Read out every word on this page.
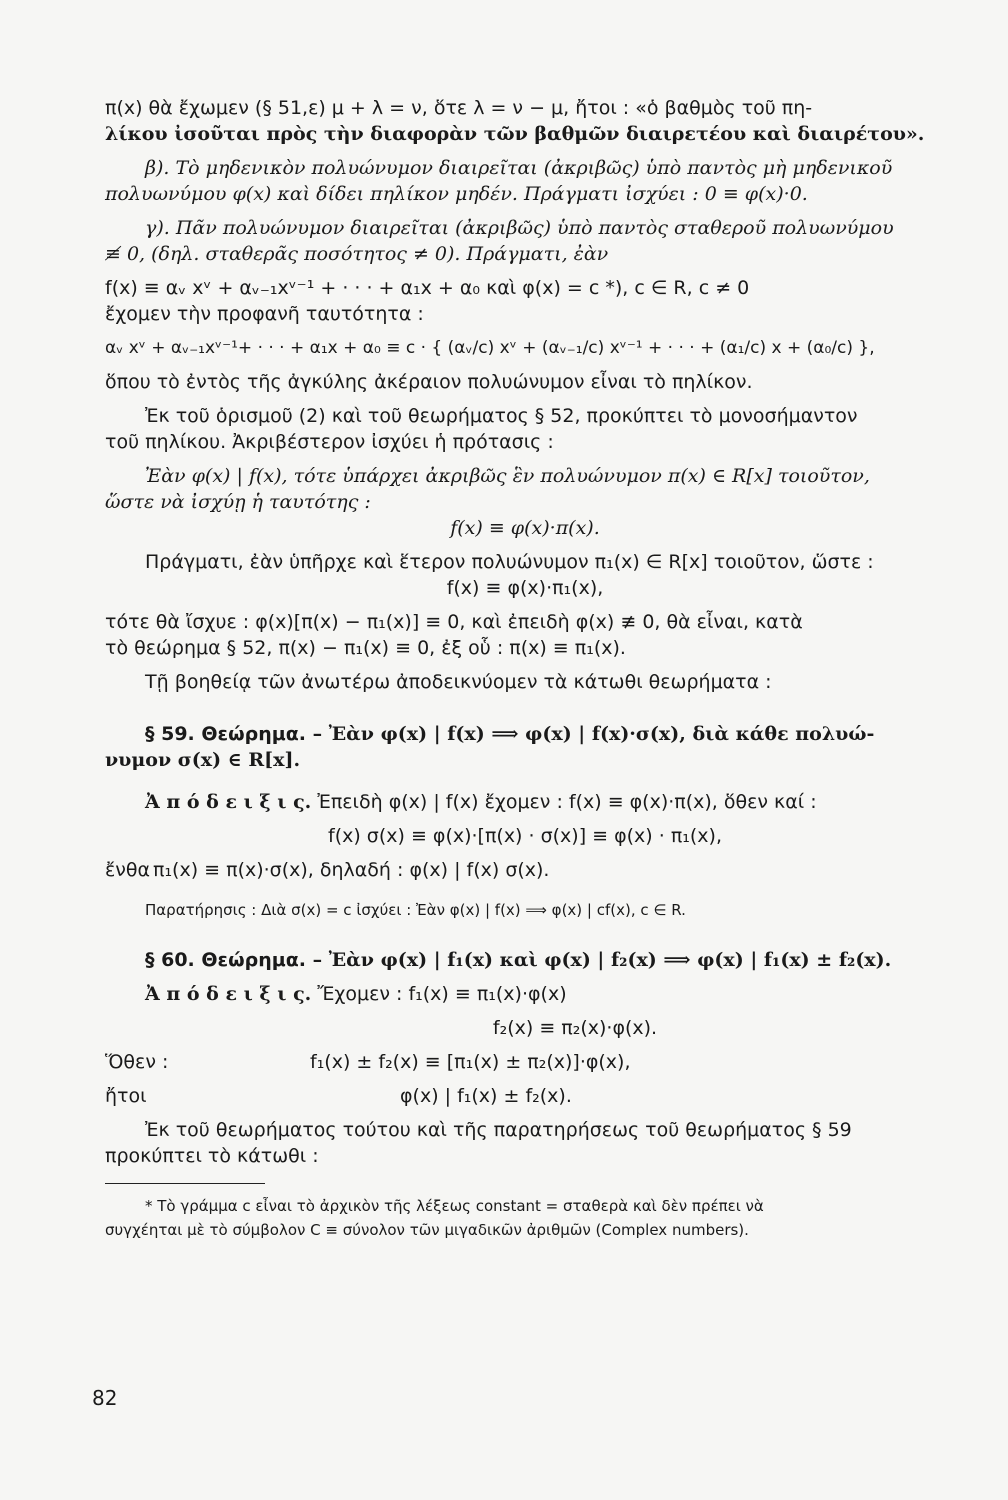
π(x) θὰ ἔχωμεν (§ 51,ε) μ + λ = ν, ὅτε λ = ν − μ, ἤτοι : «ὁ βαθμὸς τοῦ πη-

λίκου ἰσοῦται πρὸς τὴν διαφορὰν τῶν βαθμῶν διαιρετέου καὶ διαιρέτου».

β). Τὸ μηδενικὸν πολυώνυμον διαιρεῖται (ἀκριβῶς) ὑπὸ παντὸς μὴ μηδενικοῦ

πολυωνύμου φ(x) καὶ δίδει πηλίκον μηδέν. Πράγματι ἰσχύει : 0 ≡ φ(x)·0.

γ). Πᾶν πολυώνυμον διαιρεῖται (ἀκριβῶς) ὑπὸ παντὸς σταθεροῦ πολυωνύμου

≢ 0, (δηλ. σταθερᾶς ποσότητος ≠ 0). Πράγματι, ἐὰν

f(x) ≡ αᵥ xᵛ + αᵥ₋₁xᵛ⁻¹ + · · · + α₁x + α₀ καὶ φ(x) = c *), c ∈ R, c ≠ 0

ἔχομεν τὴν προφανῆ ταυτότητα :

αᵥ xᵛ + αᵥ₋₁xᵛ⁻¹+ · · · + α₁x + α₀ ≡ c · { (αᵥ/c) xᵛ + (αᵥ₋₁/c) xᵛ⁻¹ + · · · + (α₁/c) x + (α₀/c) },

ὅπου τὸ ἐντὸς τῆς ἀγκύλης ἀκέραιον πολυώνυμον εἶναι τὸ πηλίκον.

Ἐκ τοῦ ὁρισμοῦ (2) καὶ τοῦ θεωρήματος § 52, προκύπτει τὸ μονοσήμαντον

τοῦ πηλίκου. Ἀκριβέστερον ἰσχύει ἡ πρότασις :

Ἐὰν φ(x) | f(x), τότε ὑπάρχει ἀκριβῶς ἓν πολυώνυμον π(x) ∈ R[x] τοιοῦτον,

ὥστε νὰ ἰσχύῃ ἡ ταυτότης :

f(x) ≡ φ(x)·π(x).

Πράγματι, ἐὰν ὑπῆρχε καὶ ἕτερον πολυώνυμον π₁(x) ∈ R[x] τοιοῦτον, ὥστε :

f(x) ≡ φ(x)·π₁(x),

τότε θὰ ἴσχυε : φ(x)[π(x) − π₁(x)] ≡ 0, καὶ ἐπειδὴ φ(x) ≢ 0, θὰ εἶναι, κατὰ

τὸ θεώρημα § 52, π(x) − π₁(x) ≡ 0, ἐξ οὗ : π(x) ≡ π₁(x).

Τῇ βοηθείᾳ τῶν ἀνωτέρω ἀποδεικνύομεν τὰ κάτωθι θεωρήματα :

§ 59. Θεώρημα. – Ἐὰν φ(x) | f(x) ⟹ φ(x) | f(x)·σ(x), διὰ κάθε πολυώ-

νυμον σ(x) ∈ R[x].

Ἀ π ό δ ε ι ξ ι ς. Ἐπειδὴ φ(x) | f(x) ἔχομεν : f(x) ≡ φ(x)·π(x), ὅθεν καί :

f(x) σ(x) ≡ φ(x)·[π(x) · σ(x)] ≡ φ(x) · π₁(x),

ἔνθα π₁(x) ≡ π(x)·σ(x), δηλαδή : φ(x) | f(x) σ(x).

Παρατήρησις : Διὰ σ(x) = c ἰσχύει : Ἐὰν φ(x) | f(x) ⟹ φ(x) | cf(x), c ∈ R.

§ 60. Θεώρημα. – Ἐὰν φ(x) | f₁(x) καὶ φ(x) | f₂(x) ⟹ φ(x) | f₁(x) ± f₂(x).

Ἀ π ό δ ε ι ξ ι ς. Ἔχομεν : f₁(x) ≡ π₁(x)·φ(x)

f₂(x) ≡ π₂(x)·φ(x).

Ὅθεν :	f₁(x) ± f₂(x) ≡ [π₁(x) ± π₂(x)]·φ(x),
ἤτοι	φ(x) | f₁(x) ± f₂(x).

Ἐκ τοῦ θεωρήματος τούτου καὶ τῆς παρατηρήσεως τοῦ θεωρήματος § 59

προκύπτει τὸ κάτωθι :

* Τὸ γράμμα c εἶναι τὸ ἀρχικὸν τῆς λέξεως constant = σταθερὰ καὶ δὲν πρέπει νὰ

συγχέηται μὲ τὸ σύμβολον C ≡ σύνολον τῶν μιγαδικῶν ἀριθμῶν (Complex numbers).

82
